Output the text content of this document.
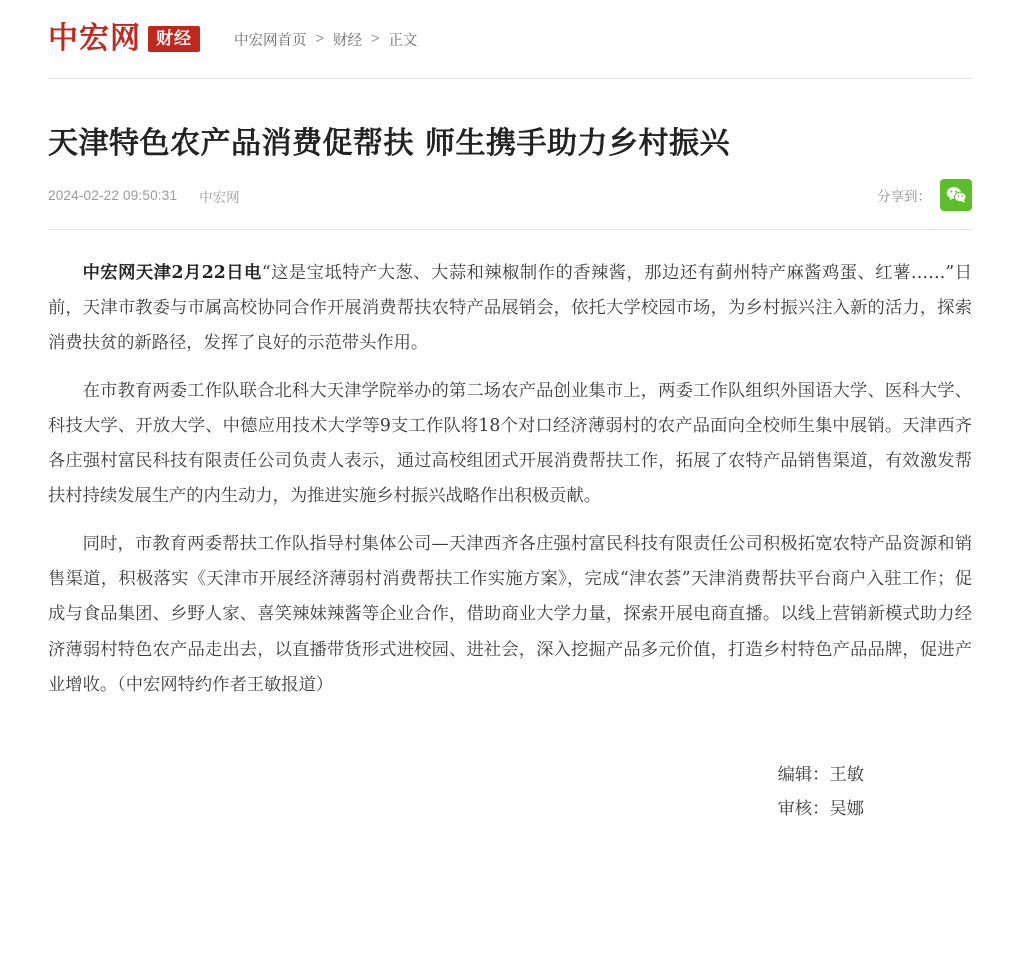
中宏网 财经	中宏网首页 > 财经 > 正文
天津特色农产品消费促帮扶 师生携手助力乡村振兴
2024-02-22 09:50:31 中宏网	分享到：

中宏网天津2月22日电“这是宝坻特产大葱、大蒜和辣椒制作的香辣酱，那边还有蓟州特产麻酱鸡蛋、红薯……”日前，天津市教委与市属高校协同合作开展消费帮扶农特产品展销会，依托大学校园市场，为乡村振兴注入新的活力，探索消费扶贫的新路径，发挥了良好的示范带头作用。

在市教育两委工作队联合北科大天津学院举办的第二场农产品创业集市上，两委工作队组织外国语大学、医科大学、科技大学、开放大学、中德应用技术大学等9支工作队将18个对口经济薄弱村的农产品面向全校师生集中展销。天津西齐各庄强村富民科技有限责任公司负责人表示，通过高校组团式开展消费帮扶工作，拓展了农特产品销售渠道，有效激发帮扶村持续发展生产的内生动力，为推进实施乡村振兴战略作出积极贡献。

同时，市教育两委帮扶工作队指导村集体公司—天津西齐各庄强村富民科技有限责任公司积极拓宽农特产品资源和销售渠道，积极落实《天津市开展经济薄弱村消费帮扶工作实施方案》，完成“津农荟”天津消费帮扶平台商户入驻工作；促成与食品集团、乡野人家、喜笑辣妹辣酱等企业合作，借助商业大学力量，探索开展电商直播。以线上营销新模式助力经济薄弱村特色农产品走出去，以直播带货形式进校园、进社会，深入挖掘产品多元价值，打造乡村特色产品品牌，促进产业增收。（中宏网特约作者王敏报道）

编辑：王敏
审核：吴娜
